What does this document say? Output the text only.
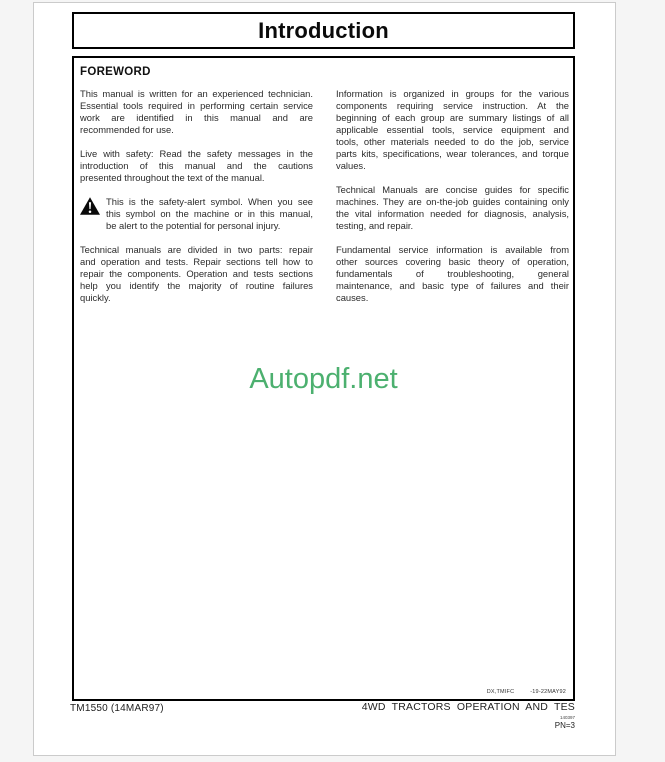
Introduction
FOREWORD
This manual is written for an experienced technician.
Essential tools required in performing certain service
work are identified in this manual and are
recommended for use.
Live with safety: Read the safety messages in the
introduction of this manual and the cautions
presented throughout the text of the manual.
This is the safety-alert symbol. When you see
this symbol on the machine or in this manual,
be alert to the potential for personal injury.
Technical manuals are divided in two parts: repair
and operation and tests. Repair sections tell how to
repair the components. Operation and tests sections
help you identify the majority of routine failures
quickly.
Information is organized in groups for the various
components requiring service instruction. At the
beginning of each group are summary listings of all
applicable essential tools, service equipment and
tools, other materials needed to do the job, service
parts kits, specifications, wear tolerances, and torque
values.
Technical Manuals are concise guides for specific
machines. They are on-the-job guides containing only
the vital information needed for diagnosis, analysis,
testing, and repair.
Fundamental service information is available from
other sources covering basic theory of operation,
fundamentals of troubleshooting, general
maintenance, and basic type of failures and their
causes.
Autopdf.net
DX,TMIFC	-19-22MAY92
TM1550 (14MAR97)	4WD TRACTORS OPERATION AND TES
140397
PN=3
